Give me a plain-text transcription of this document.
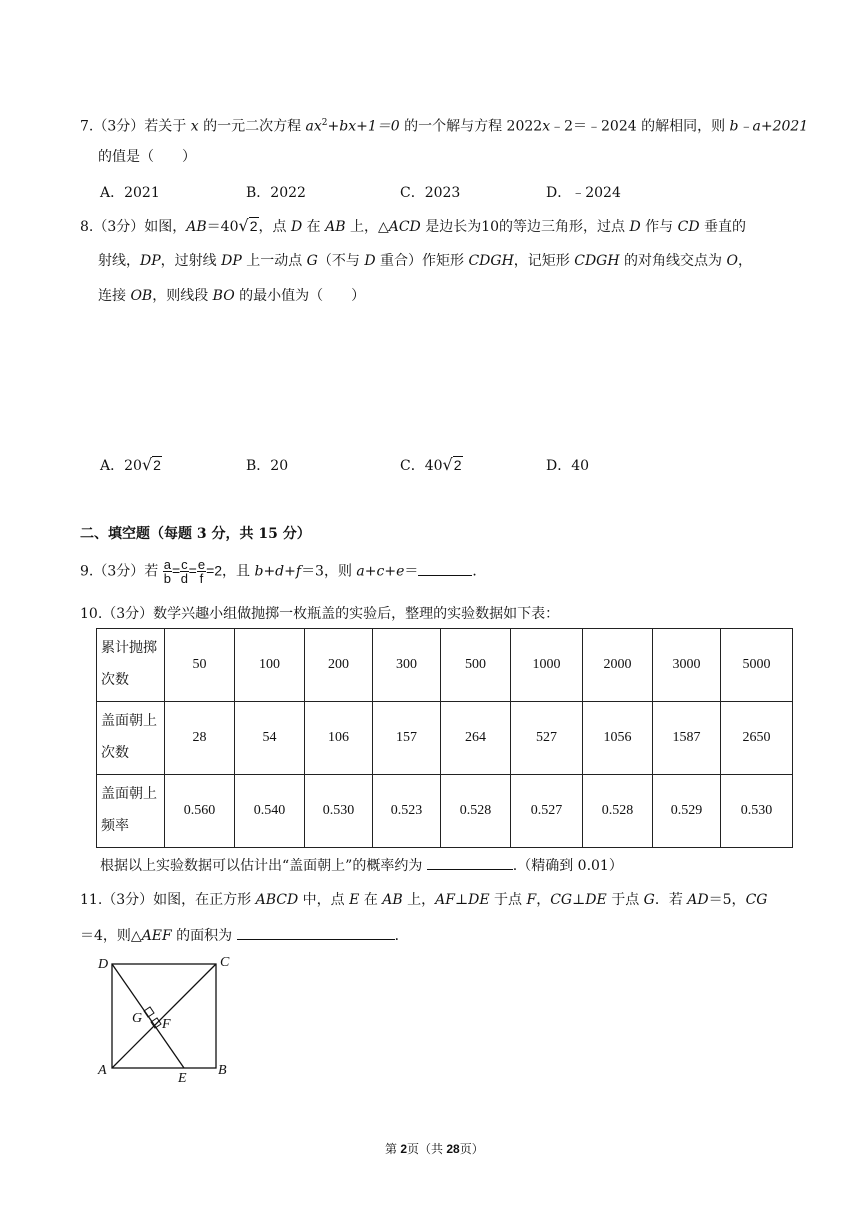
7.（3分）若关于 x 的一元二次方程 $ax^2+bx+1=0$ 的一个解与方程 2022x﹣2＝﹣2024 的解相同，则 b﹣a+2021
的值是（　　）
A．2021	B．2022	C．2023	D．﹣2024
8.（3分）如图，AB＝40√2，点 D 在 AB 上，△ACD 是边长为10的等边三角形，过点 D 作与 CD 垂直的
射线，DP，过射线 DP 上一动点 G（不与 D 重合）作矩形 CDGH，记矩形 CDGH 的对角线交点为 O，
连接 OB，则线段 BO 的最小值为（　　）
A．20√2	B．20	C．40√2	D．40
二、填空题（每题 3 分，共 15 分）
9.（3分）若 $\frac{a}{b} = \frac{c}{d} = \frac{e}{f} =2$，且 b+d+f＝3，则 a+c+e＝	．
10.（3分）数学兴趣小组做抛掷一枚瓶盖的实验后，整理的实验数据如下表：
累计抛掷
次数	50	100	200	300	500	1000	2000	3000	5000
盖面朝上
次数	28	54	106	157	264	527	1056	1587	2650
盖面朝上
频率	0.560	0.540	0.530	0.523	0.528	0.527	0.528	0.529	0.530
根据以上实验数据可以估计出“盖面朝上”的概率约为	.（精确到 0.01）
11.（3分）如图，在正方形 ABCD 中，点 E 在 AB 上，AF⊥DE 于点 F，CG⊥DE 于点 G．若 AD＝5，CG
＝4，则△AEF 的面积为	．
D	C
G F
A
E
B
第 2页（共 28页）
